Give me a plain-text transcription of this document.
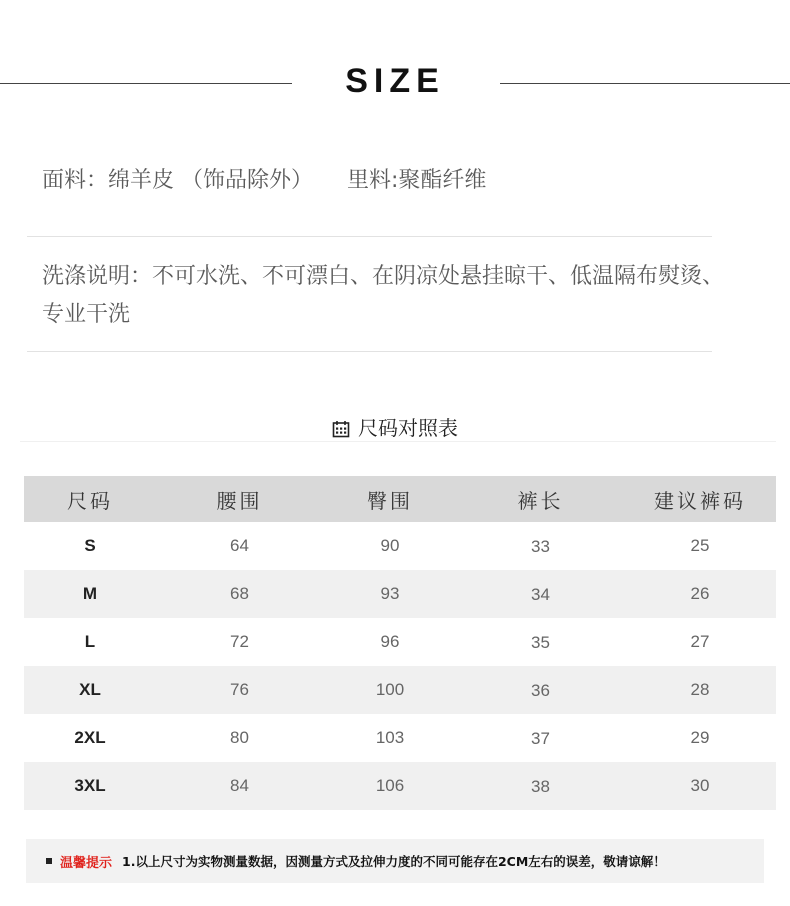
SIZE
面料：绵羊皮 （饰品除外） 里料:聚酯纤维
洗涤说明：不可水洗、不可漂白、在阴凉处悬挂晾干、低温隔布熨烫、专业干洗
尺码对照表
尺码	腰围	臀围	裤长	建议裤码
S	64	90	33	25
M	68	93	34	26
L	72	96	35	27
XL	76	100	36	28
2XL	80	103	37	29
3XL	84	106	38	30
温馨提示 1.以上尺寸为实物测量数据，因测量方式及拉伸力度的不同可能存在2CM左右的误差，敬请谅解！
